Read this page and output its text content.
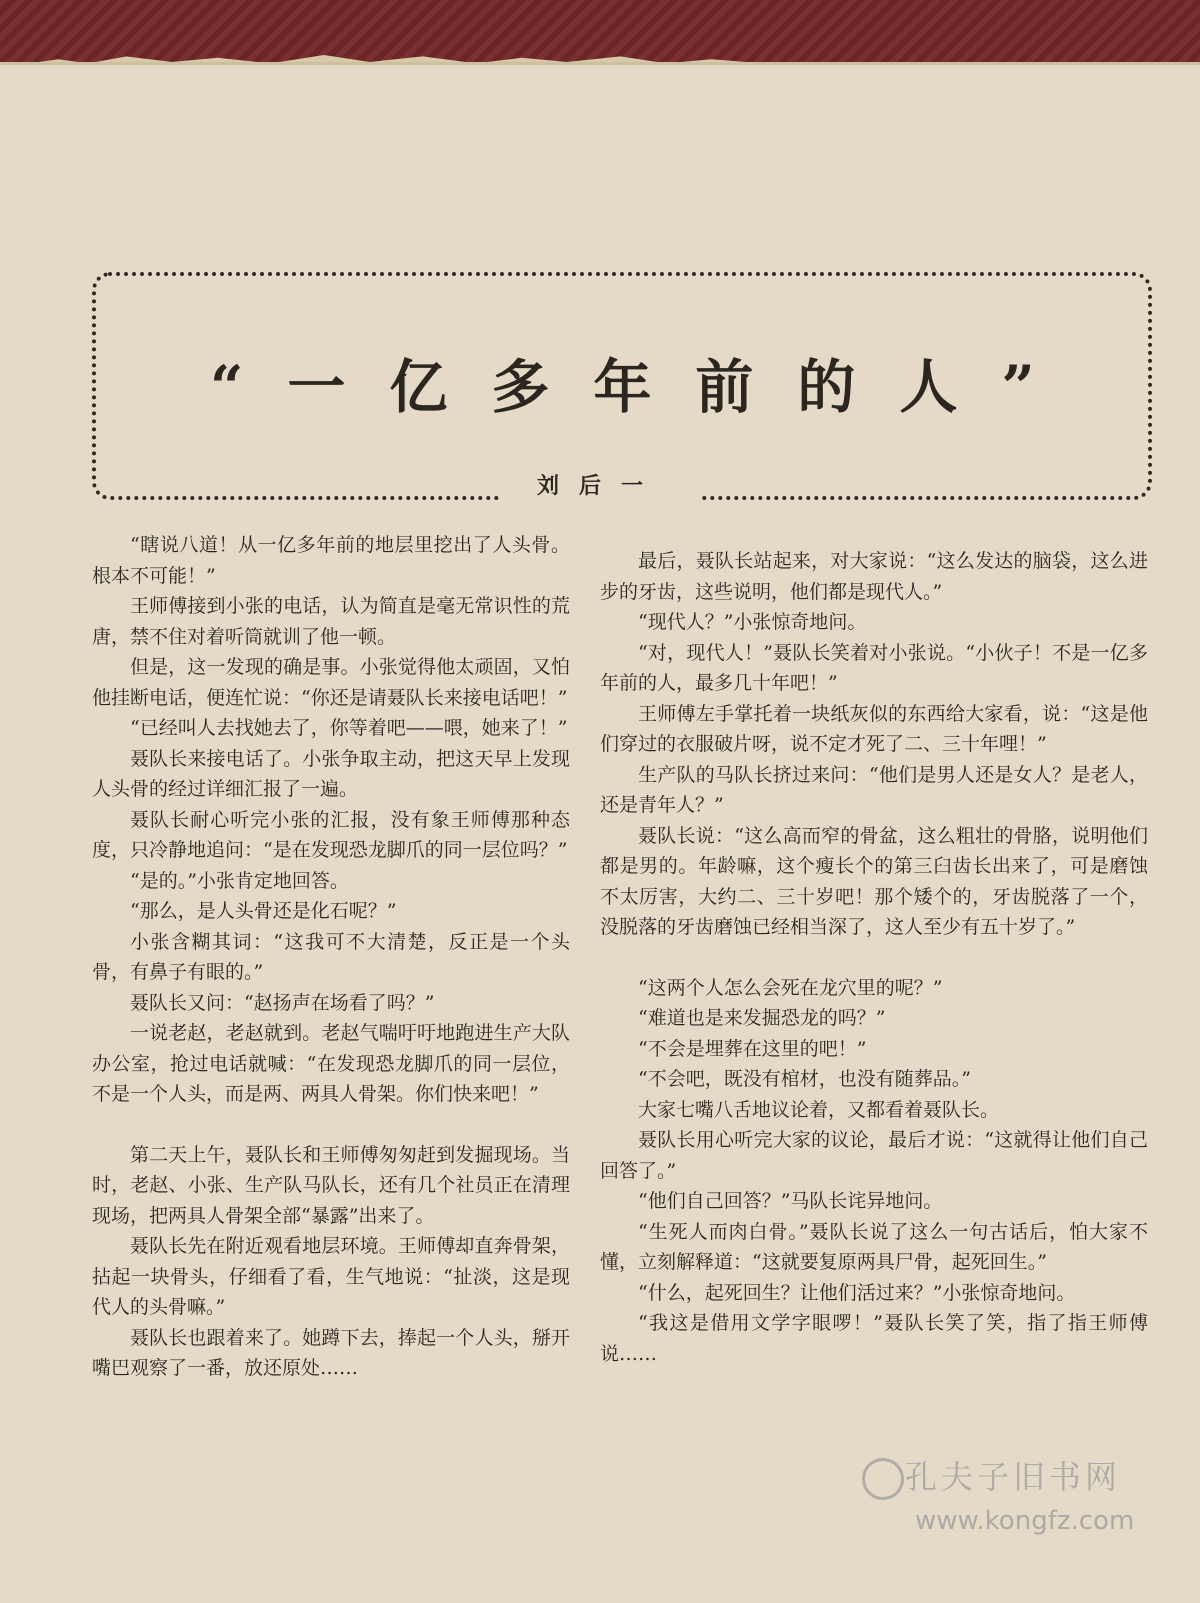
“一亿多年前的人”
刘后一

“瞎说八道！从一亿多年前的地层里挖出了人头骨。根本不可能！”

王师傅接到小张的电话，认为简直是毫无常识性的荒唐，禁不住对着听筒就训了他一顿。

但是，这一发现的确是事。小张觉得他太顽固，又怕他挂断电话，便连忙说：“你还是请聂队长来接电话吧！”

“已经叫人去找她去了，你等着吧——喂，她来了！”

聂队长来接电话了。小张争取主动，把这天早上发现人头骨的经过详细汇报了一遍。

聂队长耐心听完小张的汇报，没有象王师傅那种态度，只冷静地追问：“是在发现恐龙脚爪的同一层位吗？”

“是的。”小张肯定地回答。

“那么，是人头骨还是化石呢？”

小张含糊其词：“这我可不大清楚，反正是一个头骨，有鼻子有眼的。”

聂队长又问：“赵扬声在场看了吗？”

一说老赵，老赵就到。老赵气喘吁吁地跑进生产大队办公室，抢过电话就喊：“在发现恐龙脚爪的同一层位，不是一个人头，而是两、两具人骨架。你们快来吧！”

第二天上午，聂队长和王师傅匆匆赶到发掘现场。当时，老赵、小张、生产队马队长，还有几个社员正在清理现场，把两具人骨架全部“暴露”出来了。

聂队长先在附近观看地层环境。王师傅却直奔骨架，拈起一块骨头，仔细看了看，生气地说：“扯淡，这是现代人的头骨嘛。”

聂队长也跟着来了。她蹲下去，捧起一个人头，掰开嘴巴观察了一番，放还原处……

最后，聂队长站起来，对大家说：“这么发达的脑袋，这么进步的牙齿，这些说明，他们都是现代人。”

“现代人？”小张惊奇地问。

“对，现代人！”聂队长笑着对小张说。“小伙子！不是一亿多年前的人，最多几十年吧！”

王师傅左手掌托着一块纸灰似的东西给大家看，说：“这是他们穿过的衣服破片呀，说不定才死了二、三十年哩！”

生产队的马队长挤过来问：“他们是男人还是女人？是老人，还是青年人？”

聂队长说：“这么高而窄的骨盆，这么粗壮的骨胳，说明他们都是男的。年龄嘛，这个瘦长个的第三臼齿长出来了，可是磨蚀不太厉害，大约二、三十岁吧！那个矮个的，牙齿脱落了一个，没脱落的牙齿磨蚀已经相当深了，这人至少有五十岁了。”

“这两个人怎么会死在龙穴里的呢？”

“难道也是来发掘恐龙的吗？”

“不会是埋葬在这里的吧！”

“不会吧，既没有棺材，也没有随葬品。”

大家七嘴八舌地议论着，又都看着聂队长。

聂队长用心听完大家的议论，最后才说：“这就得让他们自己回答了。”

“他们自己回答？”马队长诧异地问。

“生死人而肉白骨。”聂队长说了这么一句古话后，怕大家不懂，立刻解释道：“这就要复原两具尸骨，起死回生。”

“什么，起死回生？让他们活过来？”小张惊奇地问。

“我这是借用文学字眼啰！”聂队长笑了笑，指了指王师傅说……

孔夫子旧书网
www.kongfz.com
